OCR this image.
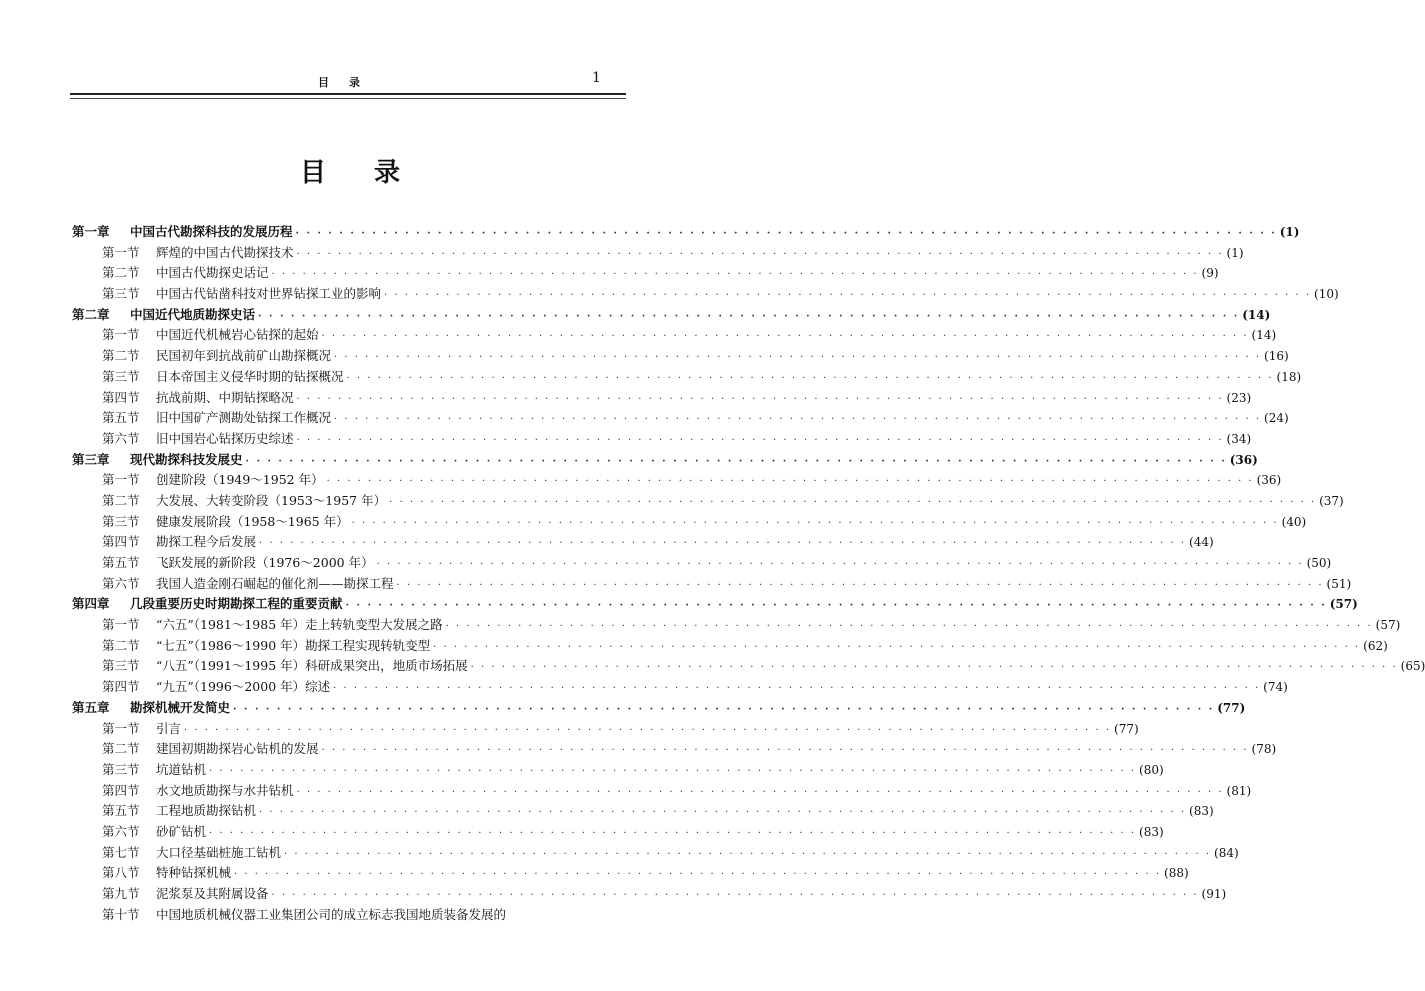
目 录	1
目 录
第一章	中国古代勘探科技的发展历程 · · · · · · · · · · · · · · · · · · · · · · · · · · · · · · · · · · · · · · · · · · · · · · · · · · · · · · · · · · · · · · · · · · · · · · · · · · · · · · · · · · · · · · · · · · (1)
第一节	辉煌的中国古代勘探技术 · · · · · · · · · · · · · · · · · · · · · · · · · · · · · · · · · · · · · · · · · · · · · · · · · · · · · · · · · · · · · · · · · · · · · · · · · · · · · · · · · · · · · · · · · · (1)
第二节	中国古代勘探史话记 · · · · · · · · · · · · · · · · · · · · · · · · · · · · · · · · · · · · · · · · · · · · · · · · · · · · · · · · · · · · · · · · · · · · · · · · · · · · · · · · · · · · · · · · · · (9)
第三节	中国古代钻凿科技对世界钻探工业的影响 · · · · · · · · · · · · · · · · · · · · · · · · · · · · · · · · · · · · · · · · · · · · · · · · · · · · · · · · · · · · · · · · · · · · · · · · · · · · · · · · · · · · · · · · · · (10)
第二章	中国近代地质勘探史话 · · · · · · · · · · · · · · · · · · · · · · · · · · · · · · · · · · · · · · · · · · · · · · · · · · · · · · · · · · · · · · · · · · · · · · · · · · · · · · · · · · · · · · · · · · (14)
第一节	中国近代机械岩心钻探的起始 · · · · · · · · · · · · · · · · · · · · · · · · · · · · · · · · · · · · · · · · · · · · · · · · · · · · · · · · · · · · · · · · · · · · · · · · · · · · · · · · · · · · · · · · · · (14)
第二节	民国初年到抗战前矿山勘探概况 · · · · · · · · · · · · · · · · · · · · · · · · · · · · · · · · · · · · · · · · · · · · · · · · · · · · · · · · · · · · · · · · · · · · · · · · · · · · · · · · · · · · · · · · · · (16)
第三节	日本帝国主义侵华时期的钻探概况 · · · · · · · · · · · · · · · · · · · · · · · · · · · · · · · · · · · · · · · · · · · · · · · · · · · · · · · · · · · · · · · · · · · · · · · · · · · · · · · · · · · · · · · · · · (18)
第四节	抗战前期、中期钻探略况 · · · · · · · · · · · · · · · · · · · · · · · · · · · · · · · · · · · · · · · · · · · · · · · · · · · · · · · · · · · · · · · · · · · · · · · · · · · · · · · · · · · · · · · · · · (23)
第五节	旧中国矿产测勘处钻探工作概况 · · · · · · · · · · · · · · · · · · · · · · · · · · · · · · · · · · · · · · · · · · · · · · · · · · · · · · · · · · · · · · · · · · · · · · · · · · · · · · · · · · · · · · · · · · (24)
第六节	旧中国岩心钻探历史综述 · · · · · · · · · · · · · · · · · · · · · · · · · · · · · · · · · · · · · · · · · · · · · · · · · · · · · · · · · · · · · · · · · · · · · · · · · · · · · · · · · · · · · · · · · · (34)
第三章	现代勘探科技发展史 · · · · · · · · · · · · · · · · · · · · · · · · · · · · · · · · · · · · · · · · · · · · · · · · · · · · · · · · · · · · · · · · · · · · · · · · · · · · · · · · · · · · · · · · · · (36)
第一节	创建阶段（1949～1952 年） · · · · · · · · · · · · · · · · · · · · · · · · · · · · · · · · · · · · · · · · · · · · · · · · · · · · · · · · · · · · · · · · · · · · · · · · · · · · · · · · · · · · · · · · · · (36)
第二节	大发展、大转变阶段（1953～1957 年） · · · · · · · · · · · · · · · · · · · · · · · · · · · · · · · · · · · · · · · · · · · · · · · · · · · · · · · · · · · · · · · · · · · · · · · · · · · · · · · · · · · · · · · · · · (37)
第三节	健康发展阶段（1958～1965 年） · · · · · · · · · · · · · · · · · · · · · · · · · · · · · · · · · · · · · · · · · · · · · · · · · · · · · · · · · · · · · · · · · · · · · · · · · · · · · · · · · · · · · · · · · · (40)
第四节	勘探工程今后发展 · · · · · · · · · · · · · · · · · · · · · · · · · · · · · · · · · · · · · · · · · · · · · · · · · · · · · · · · · · · · · · · · · · · · · · · · · · · · · · · · · · · · · · · · · · (44)
第五节	飞跃发展的新阶段（1976～2000 年） · · · · · · · · · · · · · · · · · · · · · · · · · · · · · · · · · · · · · · · · · · · · · · · · · · · · · · · · · · · · · · · · · · · · · · · · · · · · · · · · · · · · · · · · · · (50)
第六节	我国人造金刚石崛起的催化剂——勘探工程 · · · · · · · · · · · · · · · · · · · · · · · · · · · · · · · · · · · · · · · · · · · · · · · · · · · · · · · · · · · · · · · · · · · · · · · · · · · · · · · · · · · · · · · · · · (51)
第四章	几段重要历史时期勘探工程的重要贡献 · · · · · · · · · · · · · · · · · · · · · · · · · · · · · · · · · · · · · · · · · · · · · · · · · · · · · · · · · · · · · · · · · · · · · · · · · · · · · · · · · · · · · · · · · · (57)
第一节	“六五”（1981～1985 年）走上转轨变型大发展之路 · · · · · · · · · · · · · · · · · · · · · · · · · · · · · · · · · · · · · · · · · · · · · · · · · · · · · · · · · · · · · · · · · · · · · · · · · · · · · · · · · · · · · · · · · · (57)
第二节	“七五”（1986～1990 年）勘探工程实现转轨变型 · · · · · · · · · · · · · · · · · · · · · · · · · · · · · · · · · · · · · · · · · · · · · · · · · · · · · · · · · · · · · · · · · · · · · · · · · · · · · · · · · · · · · · · · · · (62)
第三节	“八五”（1991～1995 年）科研成果突出，地质市场拓展 · · · · · · · · · · · · · · · · · · · · · · · · · · · · · · · · · · · · · · · · · · · · · · · · · · · · · · · · · · · · · · · · · · · · · · · · · · · · · · · · · · · · · · · · · · (65)
第四节	“九五”（1996～2000 年）综述 · · · · · · · · · · · · · · · · · · · · · · · · · · · · · · · · · · · · · · · · · · · · · · · · · · · · · · · · · · · · · · · · · · · · · · · · · · · · · · · · · · · · · · · · · · (74)
第五章	勘探机械开发简史 · · · · · · · · · · · · · · · · · · · · · · · · · · · · · · · · · · · · · · · · · · · · · · · · · · · · · · · · · · · · · · · · · · · · · · · · · · · · · · · · · · · · · · · · · · (77)
第一节	引言 · · · · · · · · · · · · · · · · · · · · · · · · · · · · · · · · · · · · · · · · · · · · · · · · · · · · · · · · · · · · · · · · · · · · · · · · · · · · · · · · · · · · · · · · · · (77)
第二节	建国初期勘探岩心钻机的发展 · · · · · · · · · · · · · · · · · · · · · · · · · · · · · · · · · · · · · · · · · · · · · · · · · · · · · · · · · · · · · · · · · · · · · · · · · · · · · · · · · · · · · · · · · · (78)
第三节	坑道钻机 · · · · · · · · · · · · · · · · · · · · · · · · · · · · · · · · · · · · · · · · · · · · · · · · · · · · · · · · · · · · · · · · · · · · · · · · · · · · · · · · · · · · · · · · · · (80)
第四节	水文地质勘探与水井钻机 · · · · · · · · · · · · · · · · · · · · · · · · · · · · · · · · · · · · · · · · · · · · · · · · · · · · · · · · · · · · · · · · · · · · · · · · · · · · · · · · · · · · · · · · · · (81)
第五节	工程地质勘探钻机 · · · · · · · · · · · · · · · · · · · · · · · · · · · · · · · · · · · · · · · · · · · · · · · · · · · · · · · · · · · · · · · · · · · · · · · · · · · · · · · · · · · · · · · · · · (83)
第六节	砂矿钻机 · · · · · · · · · · · · · · · · · · · · · · · · · · · · · · · · · · · · · · · · · · · · · · · · · · · · · · · · · · · · · · · · · · · · · · · · · · · · · · · · · · · · · · · · · · (83)
第七节	大口径基础桩施工钻机 · · · · · · · · · · · · · · · · · · · · · · · · · · · · · · · · · · · · · · · · · · · · · · · · · · · · · · · · · · · · · · · · · · · · · · · · · · · · · · · · · · · · · · · · · · (84)
第八节	特种钻探机械 · · · · · · · · · · · · · · · · · · · · · · · · · · · · · · · · · · · · · · · · · · · · · · · · · · · · · · · · · · · · · · · · · · · · · · · · · · · · · · · · · · · · · · · · · · (88)
第九节	泥浆泵及其附属设备 · · · · · · · · · · · · · · · · · · · · · · · · · · · · · · · · · · · · · · · · · · · · · · · · · · · · · · · · · · · · · · · · · · · · · · · · · · · · · · · · · · · · · · · · · · (91)
第十节	中国地质机械仪器工业集团公司的成立标志我国地质装备发展的
